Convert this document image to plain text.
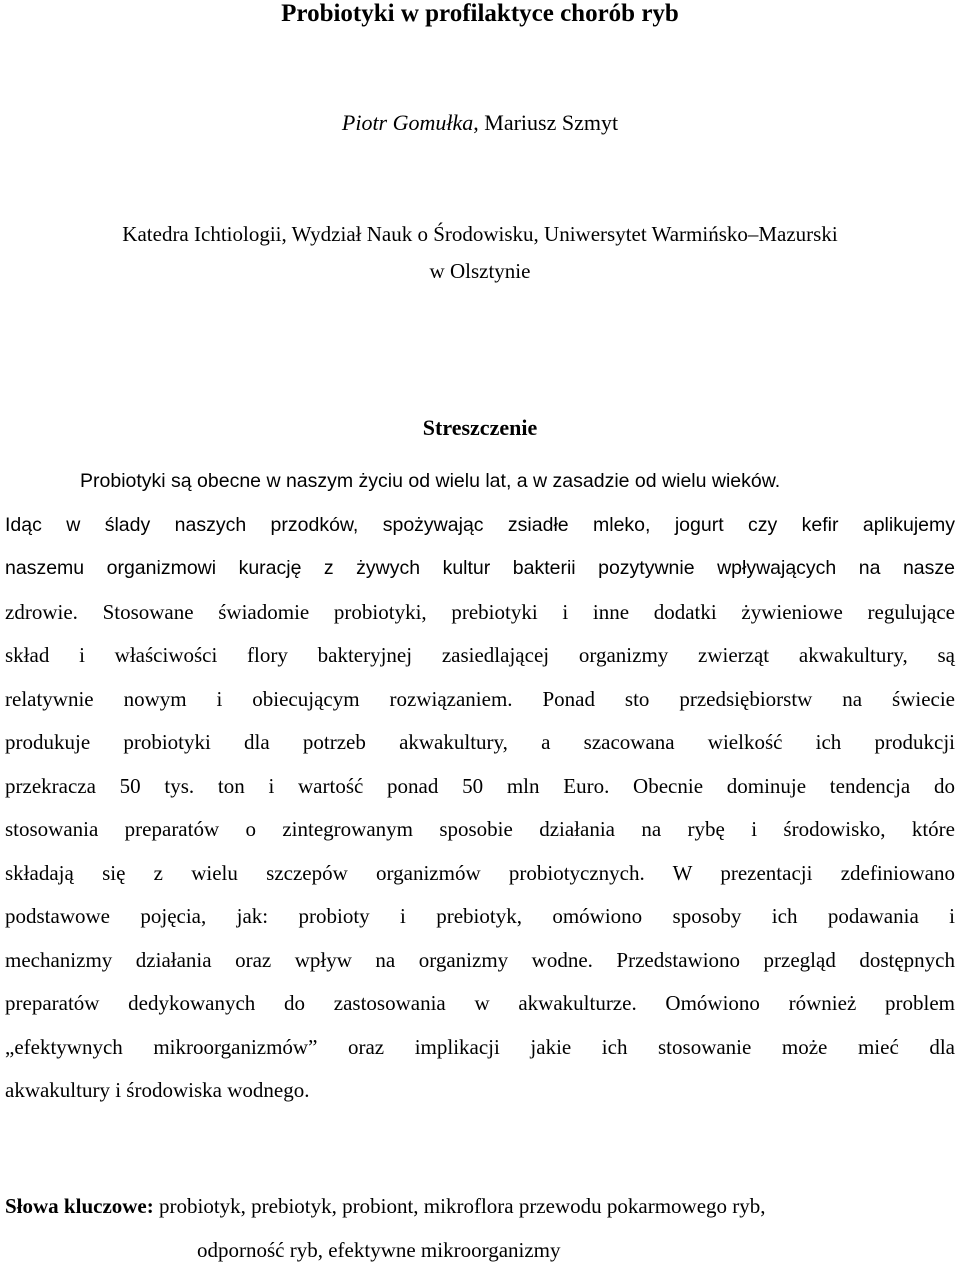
Probiotyki w profilaktyce chorób ryb
Piotr Gomułka, Mariusz Szmyt
Katedra Ichtiologii, Wydział Nauk o Środowisku, Uniwersytet Warmińsko–Mazurski
w Olsztynie
Streszczenie
Probiotyki są obecne w naszym życiu od wielu lat, a w zasadzie od wielu wieków.
Idąc w ślady naszych przodków, spożywając zsiadłe mleko, jogurt czy kefir aplikujemy
naszemu organizmowi kurację z żywych kultur bakterii pozytywnie wpływających na nasze
zdrowie. Stosowane świadomie probiotyki, prebiotyki i inne dodatki żywieniowe regulujące
skład i właściwości flory bakteryjnej zasiedlającej organizmy zwierząt akwakultury, są
relatywnie nowym i obiecującym rozwiązaniem. Ponad sto przedsiębiorstw na świecie
produkuje probiotyki dla potrzeb akwakultury, a szacowana wielkość ich produkcji
przekracza 50 tys. ton i wartość ponad 50 mln Euro. Obecnie dominuje tendencja do
stosowania preparatów o zintegrowanym sposobie działania na rybę i środowisko, które
składają się z wielu szczepów organizmów probiotycznych. W prezentacji zdefiniowano
podstawowe pojęcia, jak: probioty i prebiotyk, omówiono sposoby ich podawania i
mechanizmy działania oraz wpływ na organizmy wodne. Przedstawiono przegląd dostępnych
preparatów dedykowanych do zastosowania w akwakulturze. Omówiono również problem
„efektywnych mikroorganizmów” oraz implikacji jakie ich stosowanie może mieć dla
akwakultury i środowiska wodnego.
Słowa kluczowe: probiotyk, prebiotyk, probiont, mikroflora przewodu pokarmowego ryb,
odporność ryb, efektywne mikroorganizmy
